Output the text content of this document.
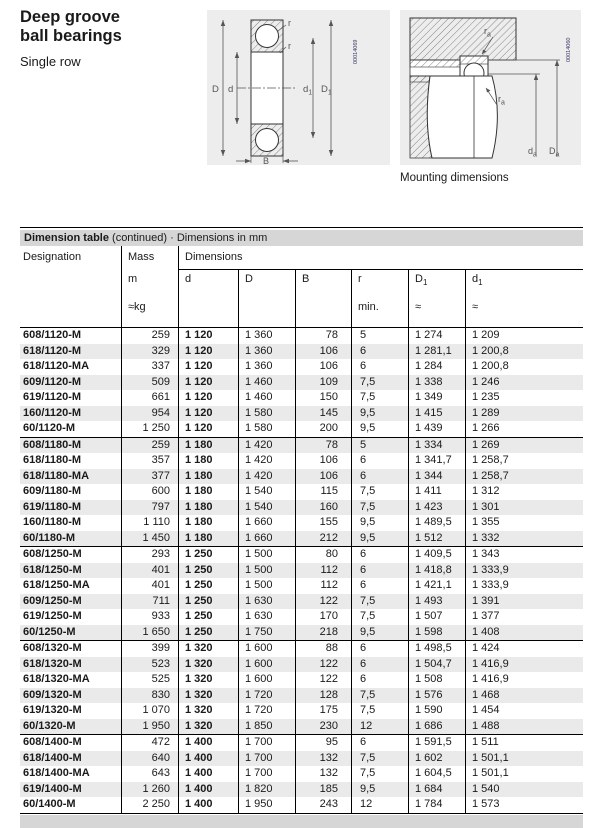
Deep groove
ball bearings
Single row
D d	$d_1$ $D_1$
r
r
B
00014069
$r_a$
$r_a$
$d_a$ $D_a$
00014060
Mounting dimensions
Dimension table (continued) · Dimensions in mm
Designation	Mass	Dimensions
m	d	D	B	r	$D_1$	$d_1$
≈kg	min.	≈	≈
608/1120-M	259	1 120	1 360	78	5	1 274	1 209
618/1120-M	329	1 120	1 360	106	6	1 281,1	1 200,8
618/1120-MA	337	1 120	1 360	106	6	1 284	1 200,8
609/1120-M	509	1 120	1 460	109	7,5	1 338	1 246
619/1120-M	661	1 120	1 460	150	7,5	1 349	1 235
160/1120-M	954	1 120	1 580	145	9,5	1 415	1 289
60/1120-M	1 250	1 120	1 580	200	9,5	1 439	1 266
608/1180-M	259	1 180	1 420	78	5	1 334	1 269
618/1180-M	357	1 180	1 420	106	6	1 341,7	1 258,7
618/1180-MA	377	1 180	1 420	106	6	1 344	1 258,7
609/1180-M	600	1 180	1 540	115	7,5	1 411	1 312
619/1180-M	797	1 180	1 540	160	7,5	1 423	1 301
160/1180-M	1 110	1 180	1 660	155	9,5	1 489,5	1 355
60/1180-M	1 450	1 180	1 660	212	9,5	1 512	1 332
608/1250-M	293	1 250	1 500	80	6	1 409,5	1 343
618/1250-M	401	1 250	1 500	112	6	1 418,8	1 333,9
618/1250-MA	401	1 250	1 500	112	6	1 421,1	1 333,9
609/1250-M	711	1 250	1 630	122	7,5	1 493	1 391
619/1250-M	933	1 250	1 630	170	7,5	1 507	1 377
60/1250-M	1 650	1 250	1 750	218	9,5	1 598	1 408
608/1320-M	399	1 320	1 600	88	6	1 498,5	1 424
618/1320-M	523	1 320	1 600	122	6	1 504,7	1 416,9
618/1320-MA	525	1 320	1 600	122	6	1 508	1 416,9
609/1320-M	830	1 320	1 720	128	7,5	1 576	1 468
619/1320-M	1 070	1 320	1 720	175	7,5	1 590	1 454
60/1320-M	1 950	1 320	1 850	230	12	1 686	1 488
608/1400-M	472	1 400	1 700	95	6	1 591,5	1 511
618/1400-M	640	1 400	1 700	132	7,5	1 602	1 501,1
618/1400-MA	643	1 400	1 700	132	7,5	1 604,5	1 501,1
619/1400-M	1 260	1 400	1 820	185	9,5	1 684	1 540
60/1400-M	2 250	1 400	1 950	243	12	1 784	1 573
